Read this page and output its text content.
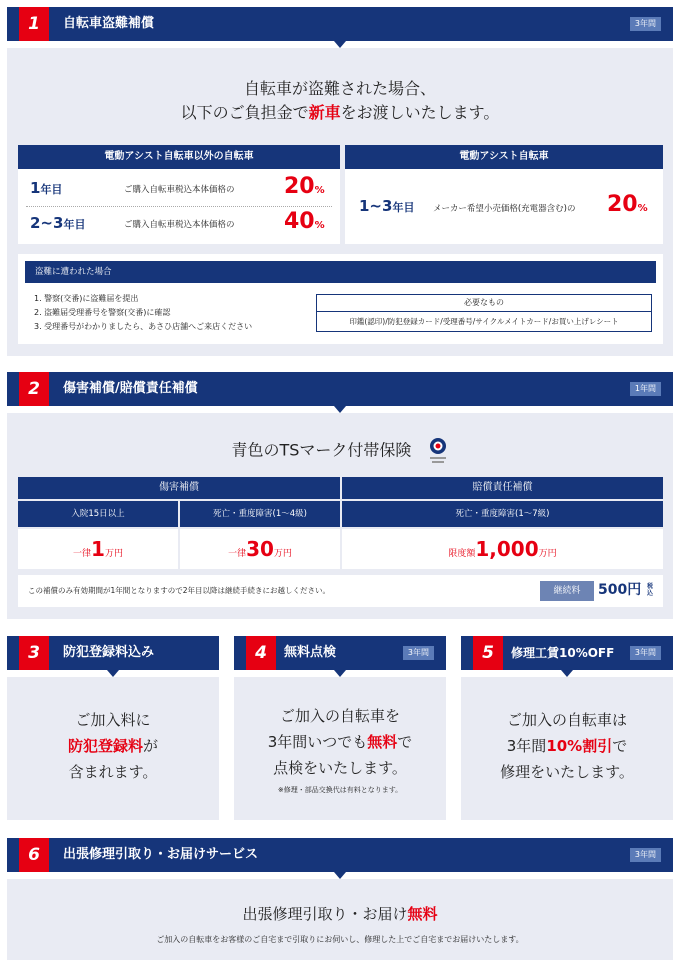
1	自転車盗難補償	3年間
自転車が盗難された場合、
以下のご負担金で新車をお渡しいたします。
電動アシスト自転車以外の自転車
1年目	ご購入自転車税込本体価格の 20%
2~3年目	ご購入自転車税込本体価格の 40%
電動アシスト自転車
1~3年目 メーカー希望小売価格(充電器含む)の 20%
盗難に遭われた場合
1. 警察(交番)に盗難届を提出
2. 盗難届受理番号を警察(交番)に確認
3. 受理番号がわかりましたら、あさひ店舗へご来店ください
必要なもの
印鑑(認印)/防犯登録カード/受理番号/サイクルメイトカード/お買い上げレシート
2	傷害補償/賠償責任補償	1年間
青色のTSマーク付帯保険
傷害補償	賠償責任補償
入院15日以上	死亡・重度障害(1〜4級)	死亡・重度障害(1〜7級)
一律1万円	一律30万円	限度額1,000万円
この補償のみ有効期間が1年間となりますので2年目以降は継続手続きにお越しください。	継続料	500円 税込
3	防犯登録料込み
ご加入料に
防犯登録料が
含まれます。
4	無料点検	3年間
ご加入の自転車を
3年間いつでも無料で
点検をいたします。
※修理・部品交換代は有料となります。
5	修理工賃10%OFF	3年間
ご加入の自転車は
3年間10%割引で
修理をいたします。
6	出張修理引取り・お届けサービス	3年間
出張修理引取り・お届け無料
ご加入の自転車をお客様のご自宅まで引取りにお伺いし、修理した上でご自宅までお届けいたします。
